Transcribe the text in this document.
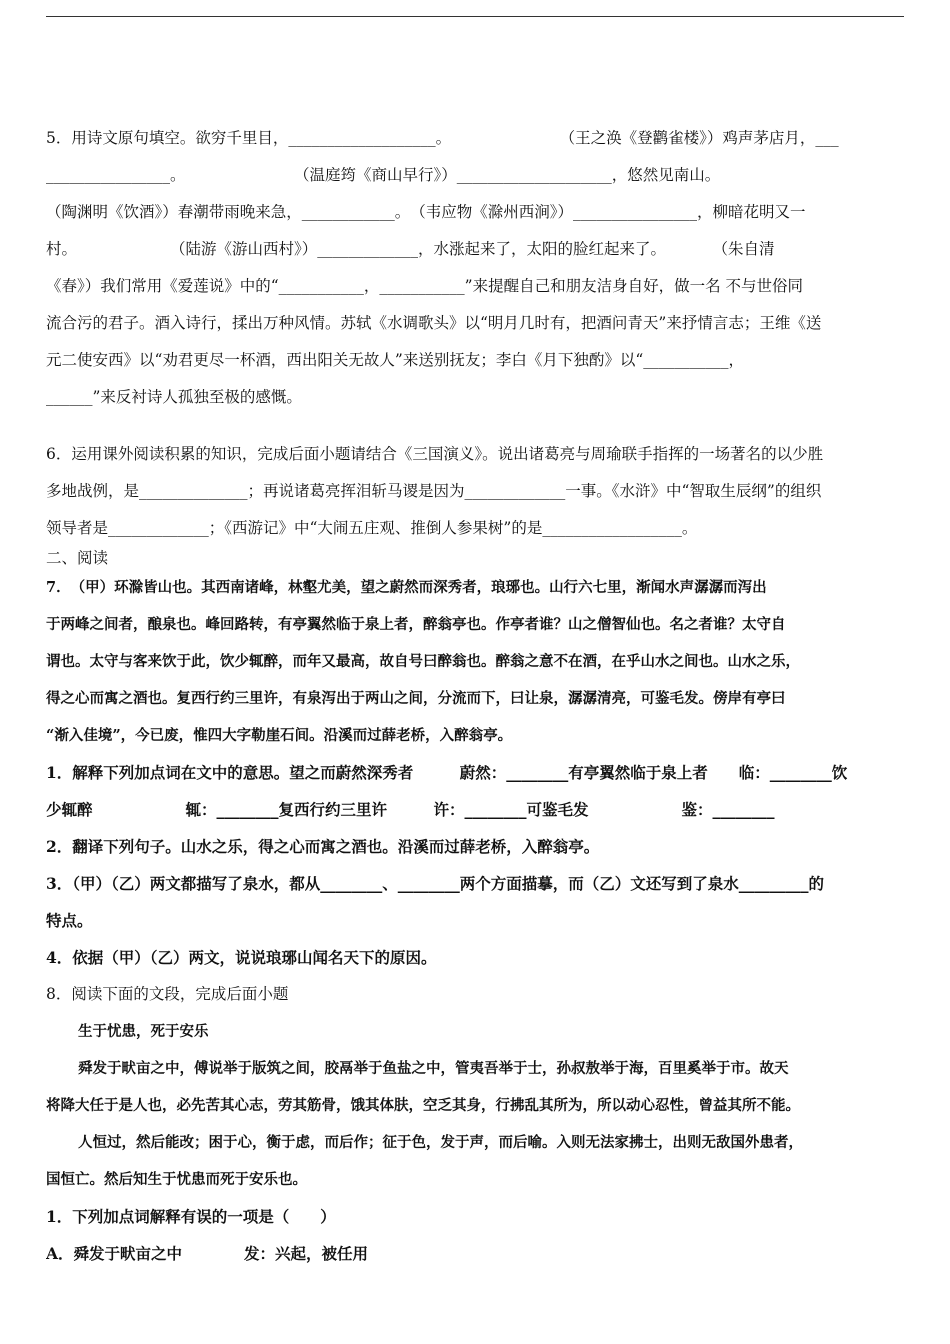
5．用诗文原句填空。欲穷千里目，___________________。　　　　　　　　（王之涣《登鹳雀楼》）鸡声茅店月，___

________________。　　　　　　　　（温庭筠《商山早行》）____________________，悠然见南山。

（陶渊明《饮酒》）春潮带雨晚来急，____________。　（韦应物《滁州西涧》）________________，柳暗花明又一

村。　　　　　　　（陆游《游山西村》）_____________，水涨起来了，太阳的脸红起来了。　　　　（朱自清

《春》）我们常用《爱莲说》中的“___________，___________”来提醒自己和朋友洁身自好，做一名 不与世俗同

流合污的君子。酒入诗行，揉出万种风情。苏轼《水调歌头》以“明月几时有，把酒问青天”来抒情言志；王维《送

元二使安西》以“劝君更尽一杯酒，西出阳关无故人”来送别抚友；李白《月下独酌》以“___________，

______”来反衬诗人孤独至极的感慨。

6．运用课外阅读积累的知识，完成后面小题请结合《三国演义》。说出诸葛亮与周瑜联手指挥的一场著名的以少胜

多地战例，是______________；再说诸葛亮挥泪斩马谡是因为_____________一事。《水浒》中“智取生辰纲”的组织

领导者是_____________；《西游记》中“大闹五庄观、推倒人参果树”的是__________________。

二、阅读

7．　（甲）环滁皆山也。其西南诸峰，林壑尤美，望之蔚然而深秀者，琅琊也。山行六七里，渐闻水声潺潺而泻出

于两峰之间者，酿泉也。峰回路转，有亭翼然临于泉上者，醉翁亭也。作亭者谁？山之僧智仙也。名之者谁？太守自

谓也。太守与客来饮于此，饮少辄醉，而年又最高，故自号曰醉翁也。醉翁之意不在酒，在乎山水之间也。山水之乐，

得之心而寓之酒也。复西行约三里许，有泉泻出于两山之间，分流而下，曰让泉，潺潺清亮，可鉴毛发。傍岸有亭曰

“渐入佳境”，今已废，惟四大字勒崖石间。沿溪而过薛老桥，入醉翁亭。

1．解释下列加点词在文中的意思。望之而蔚然深秀者　　　蔚然：________有亭翼然临于泉上者　　临：________饮

少辄醉　　　　　　辄：________复西行约三里许　　　许：________可鉴毛发　　　　　　鉴：________

2．翻译下列句子。山水之乐，得之心而寓之酒也。沿溪而过薛老桥，入醉翁亭。

3．（甲）（乙）两文都描写了泉水，都从________、________两个方面描摹，而（乙）文还写到了泉水_________的

特点。

4．依据（甲）（乙）两文，说说琅琊山闻名天下的原因。

8．阅读下面的文段，完成后面小题

生于忧患，死于安乐

舜发于畎亩之中，傅说举于版筑之间，胶鬲举于鱼盐之中，管夷吾举于士，孙叔敖举于海，百里奚举于市。故天

将降大任于是人也，必先苦其心志，劳其筋骨，饿其体肤，空乏其身，行拂乱其所为，所以动心忍性，曾益其所不能。

人恒过，然后能改；困于心，衡于虑，而后作；征于色，发于声，而后喻。入则无法家拂士，出则无敌国外患者，

国恒亡。然后知生于忧患而死于安乐也。

1．下列加点词解释有误的一项是（　　）

A．舜发于畎亩之中　　　　发：兴起，被任用
